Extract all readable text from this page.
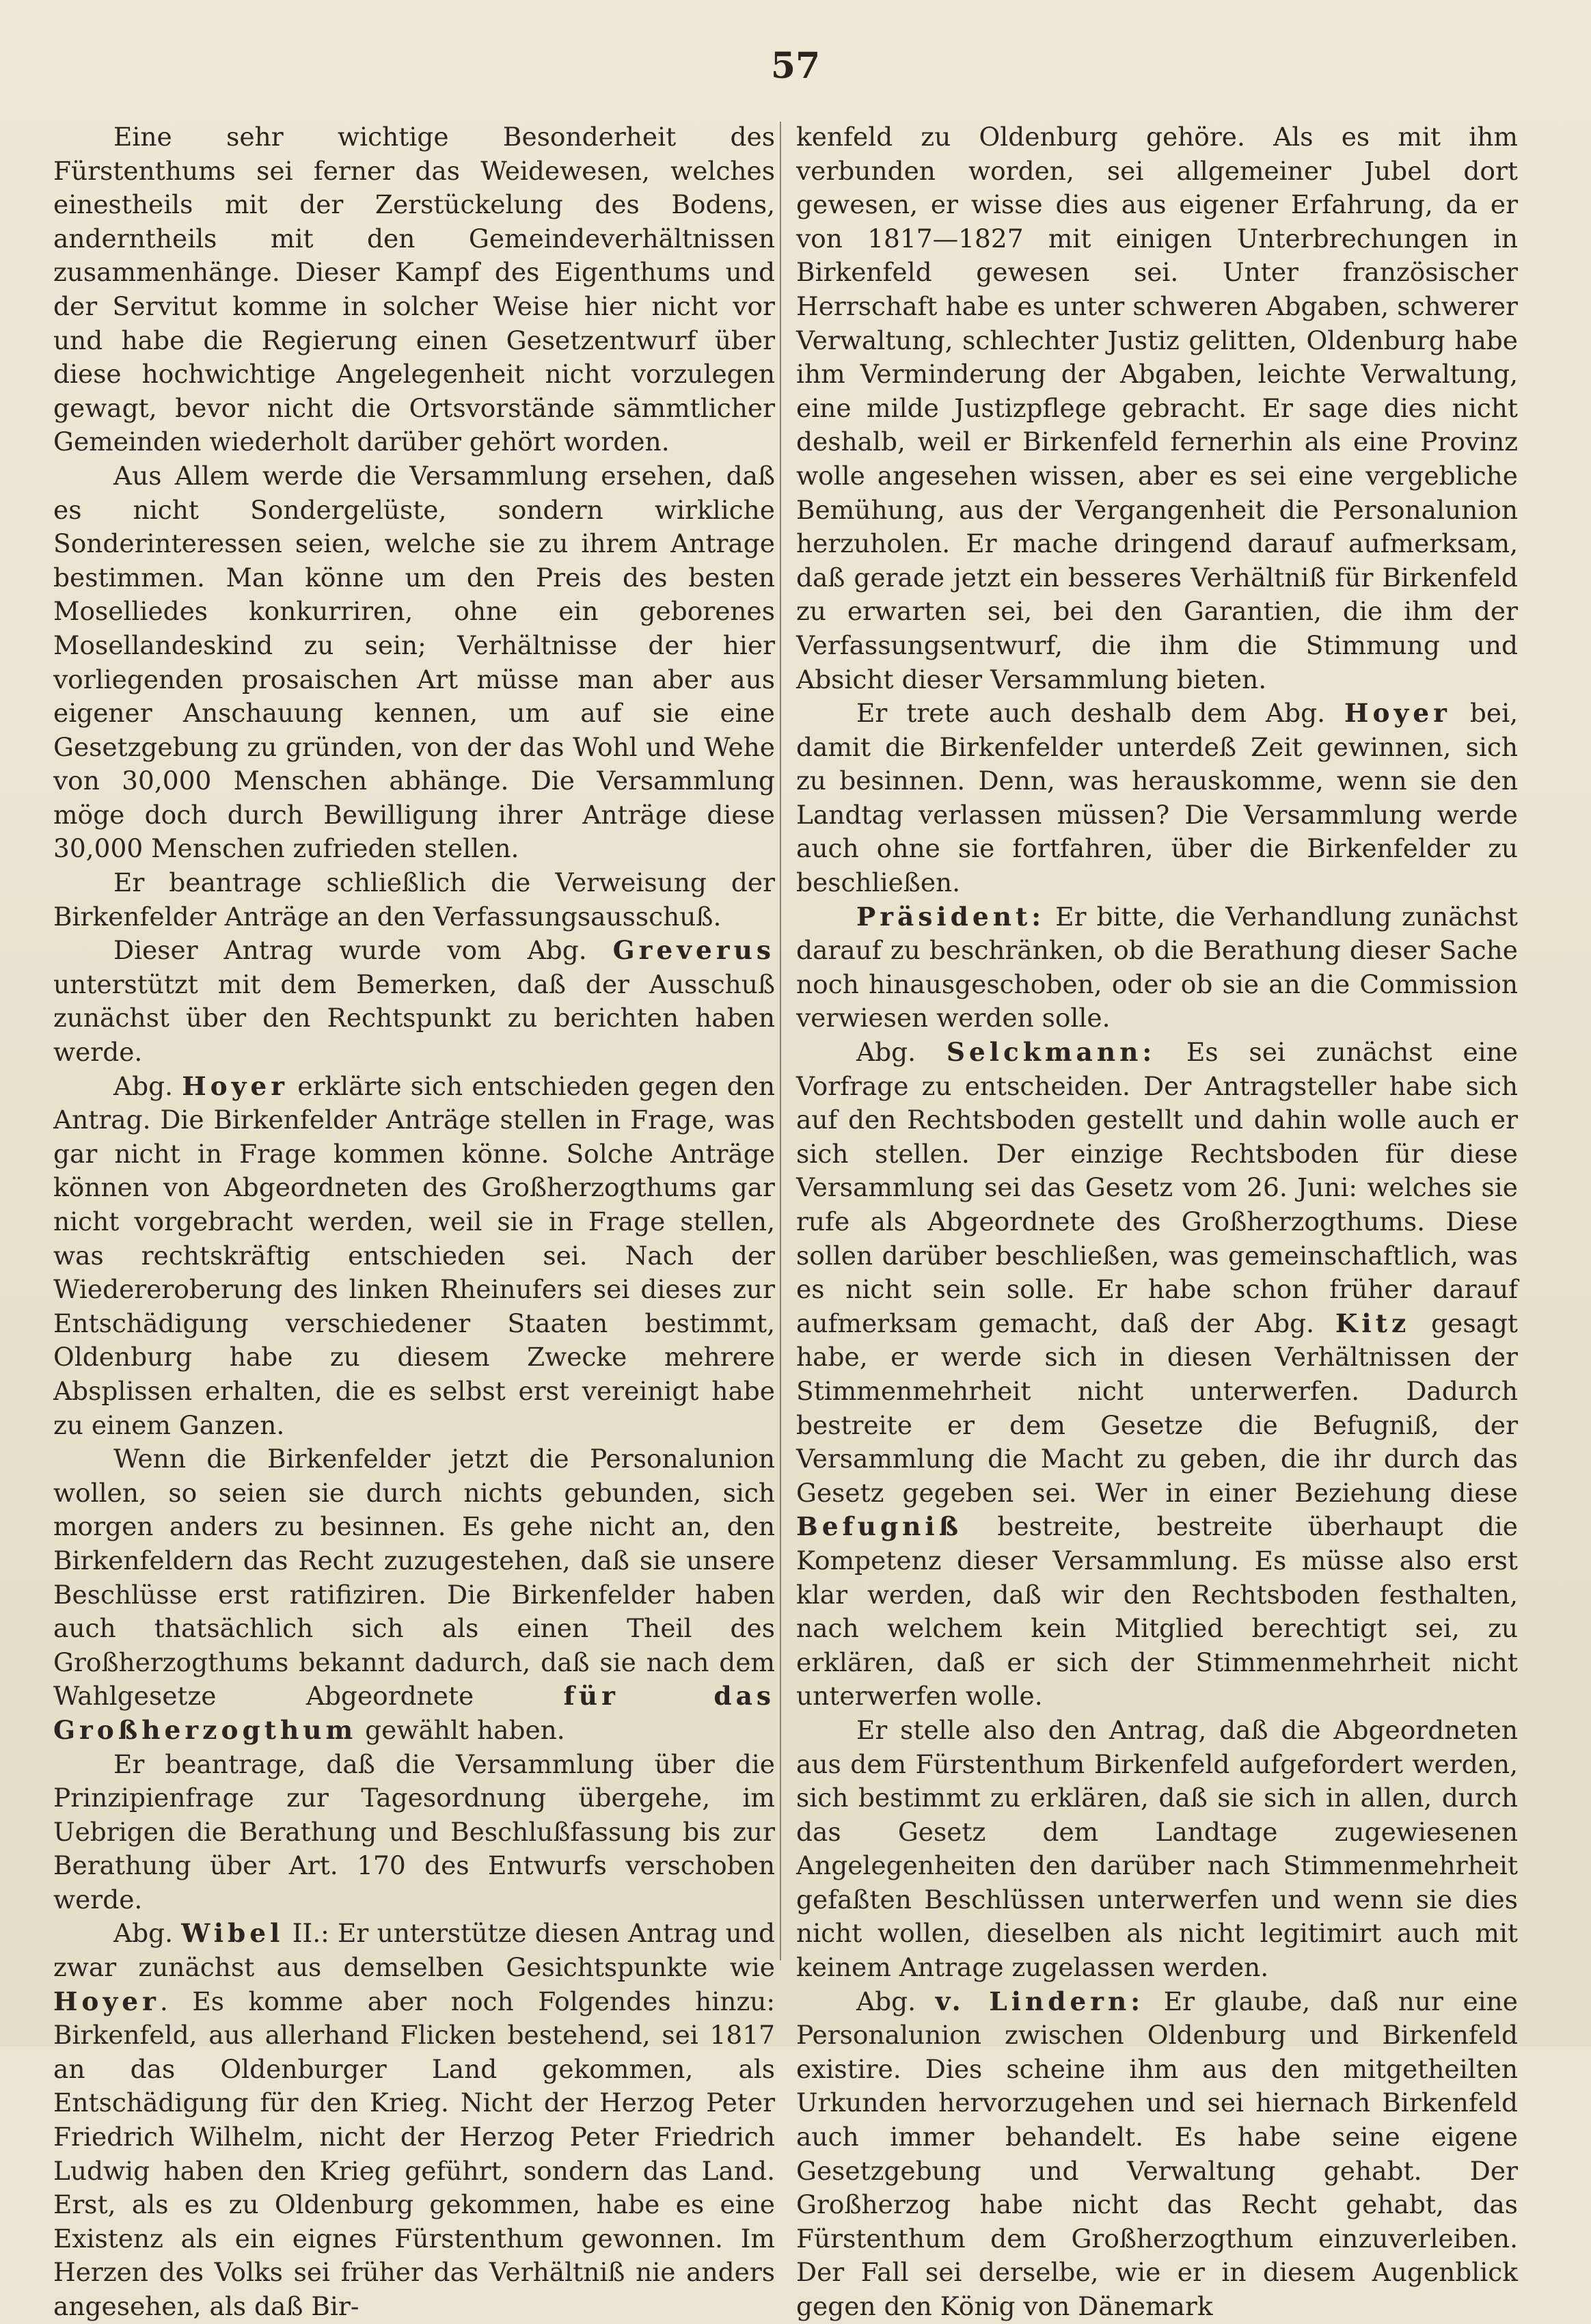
57

Eine sehr wichtige Besonderheit des Fürstenthums sei ferner das Weidewesen, welches einestheils mit der Zerstückelung des Bodens, anderntheils mit den Gemeindeverhältnissen zusammenhänge. Dieser Kampf des Eigenthums und der Servitut komme in solcher Weise hier nicht vor und habe die Regierung einen Gesetzentwurf über diese hochwichtige Angelegenheit nicht vorzulegen gewagt, bevor nicht die Ortsvorstände sämmtlicher Gemeinden wiederholt darüber gehört worden.

Aus Allem werde die Versammlung ersehen, daß es nicht Sondergelüste, sondern wirkliche Sonderinteressen seien, welche sie zu ihrem Antrage bestimmen. Man könne um den Preis des besten Moselliedes konkurriren, ohne ein geborenes Mosellandeskind zu sein; Verhältnisse der hier vorliegenden prosaischen Art müsse man aber aus eigener Anschauung kennen, um auf sie eine Gesetzgebung zu gründen, von der das Wohl und Wehe von 30,000 Menschen abhänge. Die Versammlung möge doch durch Bewilligung ihrer Anträge diese 30,000 Menschen zufrieden stellen.

Er beantrage schließlich die Verweisung der Birkenfelder Anträge an den Verfassungsausschuß.

Dieser Antrag wurde vom Abg. Greverus unterstützt mit dem Bemerken, daß der Ausschuß zunächst über den Rechtspunkt zu berichten haben werde.

Abg. Hoyer erklärte sich entschieden gegen den Antrag. Die Birkenfelder Anträge stellen in Frage, was gar nicht in Frage kommen könne. Solche Anträge können von Abgeordneten des Großherzogthums gar nicht vorgebracht werden, weil sie in Frage stellen, was rechtskräftig entschieden sei. Nach der Wiedereroberung des linken Rheinufers sei dieses zur Entschädigung verschiedener Staaten bestimmt, Oldenburg habe zu diesem Zwecke mehrere Absplissen erhalten, die es selbst erst vereinigt habe zu einem Ganzen.

Wenn die Birkenfelder jetzt die Personalunion wollen, so seien sie durch nichts gebunden, sich morgen anders zu besinnen. Es gehe nicht an, den Birkenfeldern das Recht zuzugestehen, daß sie unsere Beschlüsse erst ratifiziren. Die Birkenfelder haben auch thatsächlich sich als einen Theil des Großherzogthums bekannt dadurch, daß sie nach dem Wahlgesetze Abgeordnete für das Großherzogthum gewählt haben.

Er beantrage, daß die Versammlung über die Prinzipienfrage zur Tagesordnung übergehe, im Uebrigen die Berathung und Beschlußfassung bis zur Berathung über Art. 170 des Entwurfs verschoben werde.

Abg. Wibel II.: Er unterstütze diesen Antrag und zwar zunächst aus demselben Gesichtspunkte wie Hoyer. Es komme aber noch Folgendes hinzu: Birkenfeld, aus allerhand Flicken bestehend, sei 1817 an das Oldenburger Land gekommen, als Entschädigung für den Krieg. Nicht der Herzog Peter Friedrich Wilhelm, nicht der Herzog Peter Friedrich Ludwig haben den Krieg geführt, sondern das Land. Erst, als es zu Oldenburg gekommen, habe es eine Existenz als ein eignes Fürstenthum gewonnen. Im Herzen des Volks sei früher das Verhältniß nie anders angesehen, als daß Bir-

kenfeld zu Oldenburg gehöre. Als es mit ihm verbunden worden, sei allgemeiner Jubel dort gewesen, er wisse dies aus eigener Erfahrung, da er von 1817—1827 mit einigen Unterbrechungen in Birkenfeld gewesen sei. Unter französischer Herrschaft habe es unter schweren Abgaben, schwerer Verwaltung, schlechter Justiz gelitten, Oldenburg habe ihm Verminderung der Abgaben, leichte Verwaltung, eine milde Justizpflege gebracht. Er sage dies nicht deshalb, weil er Birkenfeld fernerhin als eine Provinz wolle angesehen wissen, aber es sei eine vergebliche Bemühung, aus der Vergangenheit die Personalunion herzuholen. Er mache dringend darauf aufmerksam, daß gerade jetzt ein besseres Verhältniß für Birkenfeld zu erwarten sei, bei den Garantien, die ihm der Verfassungsentwurf, die ihm die Stimmung und Absicht dieser Versammlung bieten.

Er trete auch deshalb dem Abg. Hoyer bei, damit die Birkenfelder unterdeß Zeit gewinnen, sich zu besinnen. Denn, was herauskomme, wenn sie den Landtag verlassen müssen? Die Versammlung werde auch ohne sie fortfahren, über die Birkenfelder zu beschließen.

Präsident: Er bitte, die Verhandlung zunächst darauf zu beschränken, ob die Berathung dieser Sache noch hinausgeschoben, oder ob sie an die Commission verwiesen werden solle.

Abg. Selckmann: Es sei zunächst eine Vorfrage zu entscheiden. Der Antragsteller habe sich auf den Rechtsboden gestellt und dahin wolle auch er sich stellen. Der einzige Rechtsboden für diese Versammlung sei das Gesetz vom 26. Juni: welches sie rufe als Abgeordnete des Großherzogthums. Diese sollen darüber beschließen, was gemeinschaftlich, was es nicht sein solle. Er habe schon früher darauf aufmerksam gemacht, daß der Abg. Kitz gesagt habe, er werde sich in diesen Verhältnissen der Stimmenmehrheit nicht unterwerfen. Dadurch bestreite er dem Gesetze die Befugniß, der Versammlung die Macht zu geben, die ihr durch das Gesetz gegeben sei. Wer in einer Beziehung diese Befugniß bestreite, bestreite überhaupt die Kompetenz dieser Versammlung. Es müsse also erst klar werden, daß wir den Rechtsboden festhalten, nach welchem kein Mitglied berechtigt sei, zu erklären, daß er sich der Stimmenmehrheit nicht unterwerfen wolle.

Er stelle also den Antrag, daß die Abgeordneten aus dem Fürstenthum Birkenfeld aufgefordert werden, sich bestimmt zu erklären, daß sie sich in allen, durch das Gesetz dem Landtage zugewiesenen Angelegenheiten den darüber nach Stimmenmehrheit gefaßten Beschlüssen unterwerfen und wenn sie dies nicht wollen, dieselben als nicht legitimirt auch mit keinem Antrage zugelassen werden.

Abg. v. Lindern: Er glaube, daß nur eine Personalunion zwischen Oldenburg und Birkenfeld existire. Dies scheine ihm aus den mitgetheilten Urkunden hervorzugehen und sei hiernach Birkenfeld auch immer behandelt. Es habe seine eigene Gesetzgebung und Verwaltung gehabt. Der Großherzog habe nicht das Recht gehabt, das Fürstenthum dem Großherzogthum einzuverleiben. Der Fall sei derselbe, wie er in diesem Augenblick gegen den König von Dänemark
